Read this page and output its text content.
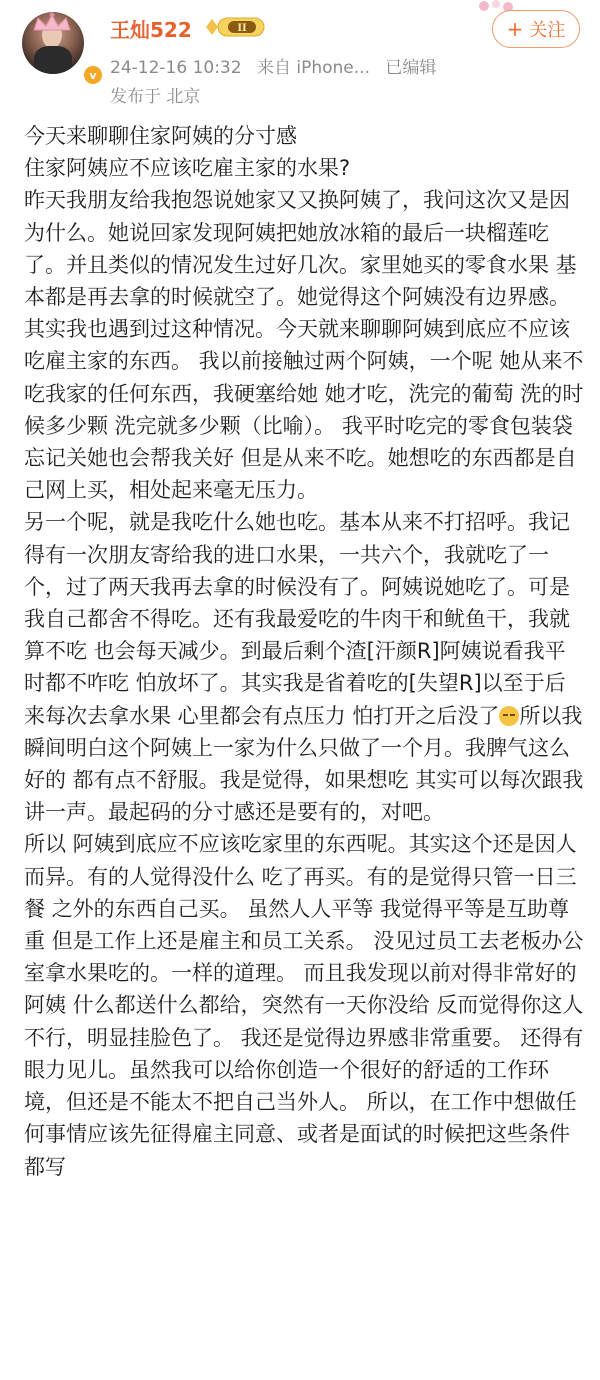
v
王灿522	II
24-12-16 10:32 来自 iPhone... 已编辑
发布于 北京
+ 关注

今天来聊聊住家阿姨的分寸感

住家阿姨应不应该吃雇主家的水果?

昨天我朋友给我抱怨说她家又又换阿姨了，我问这次又是因为什么。她说回家发现阿姨把她放冰箱的最后一块榴莲吃了。并且类似的情况发生过好几次。家里她买的零食水果 基本都是再去拿的时候就空了。她觉得这个阿姨没有边界感。

其实我也遇到过这种情况。今天就来聊聊阿姨到底应不应该吃雇主家的东西。 我以前接触过两个阿姨，一个呢 她从来不吃我家的任何东西，我硬塞给她 她才吃，洗完的葡萄 洗的时候多少颗 洗完就多少颗（比喻）。 我平时吃完的零食包装袋忘记关她也会帮我关好 但是从来不吃。她想吃的东西都是自己网上买，相处起来毫无压力。

另一个呢，就是我吃什么她也吃。基本从来不打招呼。我记得有一次朋友寄给我的进口水果，一共六个，我就吃了一个，过了两天我再去拿的时候没有了。阿姨说她吃了。可是我自己都舍不得吃。还有我最爱吃的牛肉干和鱿鱼干，我就算不吃 也会每天减少。到最后剩个渣[汗颜R]阿姨说看我平时都不咋吃 怕放坏了。其实我是省着吃的[失望R]以至于后来每次去拿水果 心里都会有点压力 怕打开之后没了 所以我瞬间明白这个阿姨上一家为什么只做了一个月。我脾气这么好的 都有点不舒服。我是觉得，如果想吃 其实可以每次跟我讲一声。最起码的分寸感还是要有的，对吧。

所以 阿姨到底应不应该吃家里的东西呢。其实这个还是因人而异。有的人觉得没什么 吃了再买。有的是觉得只管一日三餐 之外的东西自己买。 虽然人人平等 我觉得平等是互助尊重 但是工作上还是雇主和员工关系。 没见过员工去老板办公室拿水果吃的。一样的道理。 而且我发现以前对得非常好的阿姨 什么都送什么都给，突然有一天你没给 反而觉得你这人不行，明显挂脸色了。 我还是觉得边界感非常重要。 还得有眼力见儿。虽然我可以给你创造一个很好的舒适的工作环境，但还是不能太不把自己当外人。 所以，在工作中想做任何事情应该先征得雇主同意、或者是面试的时候把这些条件都写
